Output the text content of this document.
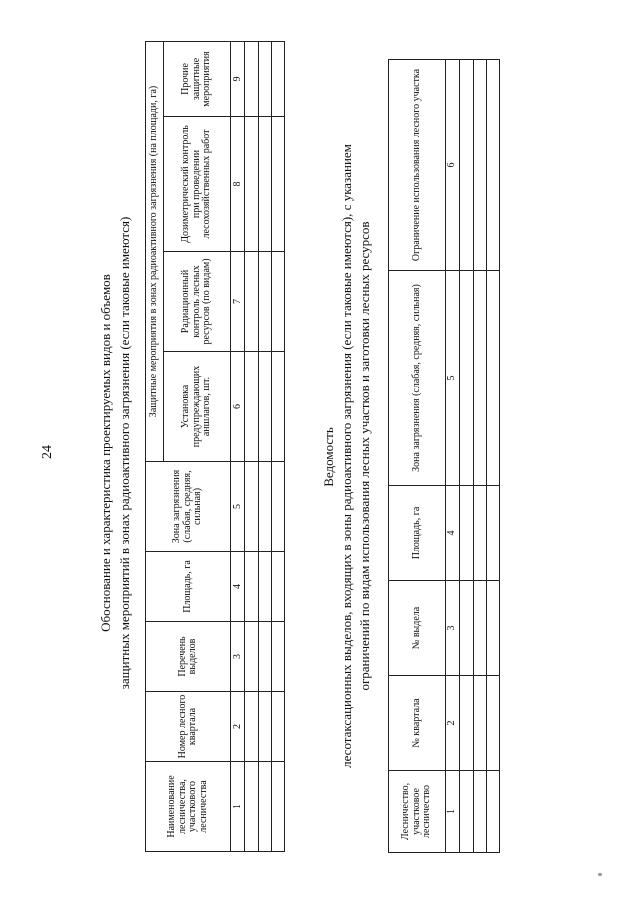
24	Обоснование и характеристика проектируемых видов и объемов защитных мероприятий в зонах радиоактивного загрязнения (если таковые имеются)
Наименование лесничества, участкового лесничества	Номер лесного квартала	Перечень выделов	Площадь, га	Зона загрязнения (слабая, средняя, сильная)	Защитные мероприятия в зонах радиоактивного загрязнения (на площади, га)			
					Установка предупреждающих аншлагов, шт.	Радиационный контроль лесных ресурсов (по видам)	Дозиметрический контроль при проведении лесохозяйственных работ	Прочие защитные мероприятия
1	2	3	4	5	6	7	8	9

Ведомость лесотаксационных выделов, входящих в зоны радиоактивного загрязнения (если таковые имеются), с указанием ограничений по видам использования лесных участков и заготовки лесных ресурсов
Лесничество, участковое лесничество	№ квартала	№ выдела	Площадь, га	Зона загрязнения (слабая, средняя, сильная)	Ограничение использования лесного участка
1	2	3	4	5	6
